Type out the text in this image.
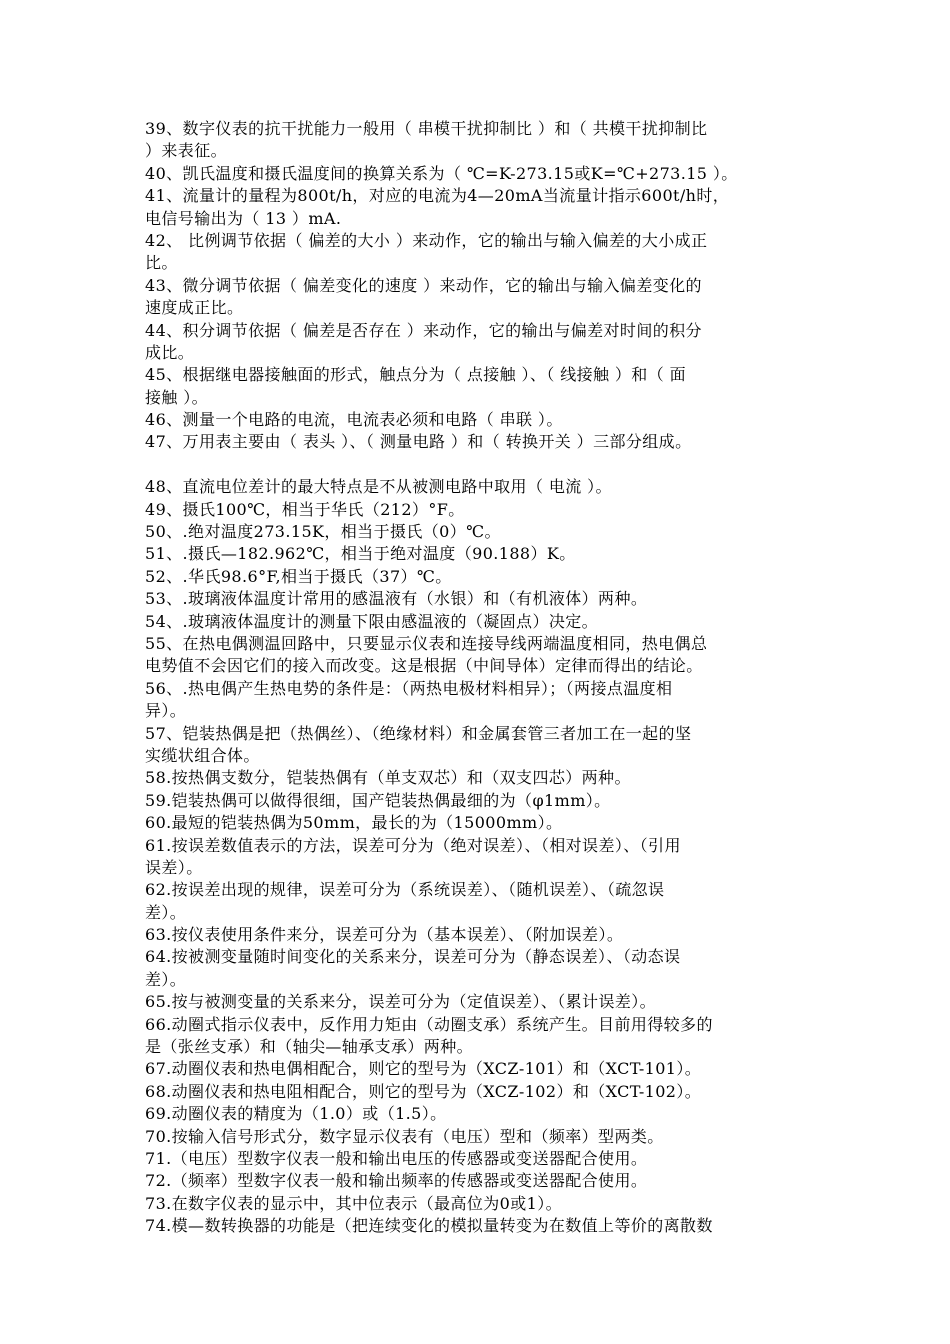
39、数字仪表的抗干扰能力一般用（ 串模干扰抑制比 ）和（ 共模干扰抑制比
）来表征。
40、凯氏温度和摄氏温度间的换算关系为（ ℃=K-273.15或K=℃+273.15 ）。
41、流量计的量程为800t/h，对应的电流为4—20mA当流量计指示600t/h时，
电信号输出为（ 13 ）mA.
42、 比例调节依据（ 偏差的大小 ）来动作，它的输出与输入偏差的大小成正
比。
43、微分调节依据（ 偏差变化的速度 ）来动作，它的输出与输入偏差变化的
速度成正比。
44、积分调节依据（ 偏差是否存在 ）来动作，它的输出与偏差对时间的积分
成比。
45、根据继电器接触面的形式，触点分为（ 点接触 ）、（ 线接触 ）和（ 面
接触 ）。
46、测量一个电路的电流，电流表必须和电路（ 串联 ）。
47、万用表主要由（ 表头 ）、（ 测量电路 ）和（ 转换开关 ）三部分组成。
48、直流电位差计的最大特点是不从被测电路中取用（ 电流 ）。
49、摄氏100℃，相当于华氏（212）°F。
50、.绝对温度273.15K，相当于摄氏（0）℃。
51、.摄氏—182.962℃，相当于绝对温度（90.188）K。
52、.华氏98.6°F,相当于摄氏（37）℃。
53、.玻璃液体温度计常用的感温液有（水银）和（有机液体）两种。
54、.玻璃液体温度计的测量下限由感温液的（凝固点）决定。
55、在热电偶测温回路中，只要显示仪表和连接导线两端温度相同，热电偶总
电势值不会因它们的接入而改变。这是根据（中间导体）定律而得出的结论。
56、.热电偶产生热电势的条件是：（两热电极材料相异）；（两接点温度相
异）。
57、铠装热偶是把（热偶丝）、（绝缘材料）和金属套管三者加工在一起的坚
实缆状组合体。
58.按热偶支数分，铠装热偶有（单支双芯）和（双支四芯）两种。
59.铠装热偶可以做得很细，国产铠装热偶最细的为（φ1mm）。
60.最短的铠装热偶为50mm，最长的为（15000mm）。
61.按误差数值表示的方法，误差可分为（绝对误差）、（相对误差）、（引用
误差）。
62.按误差出现的规律，误差可分为（系统误差）、（随机误差）、（疏忽误
差）。
63.按仪表使用条件来分，误差可分为（基本误差）、（附加误差）。
64.按被测变量随时间变化的关系来分，误差可分为（静态误差）、（动态误
差）。
65.按与被测变量的关系来分，误差可分为（定值误差）、（累计误差）。
66.动圈式指示仪表中，反作用力矩由（动圈支承）系统产生。目前用得较多的
是（张丝支承）和（轴尖—轴承支承）两种。
67.动圈仪表和热电偶相配合，则它的型号为（XCZ-101）和（XCT-101）。
68.动圈仪表和热电阻相配合，则它的型号为（XCZ-102）和（XCT-102）。
69.动圈仪表的精度为（1.0）或（1.5）。
70.按输入信号形式分，数字显示仪表有（电压）型和（频率）型两类。
71.（电压）型数字仪表一般和输出电压的传感器或变送器配合使用。
72.（频率）型数字仪表一般和输出频率的传感器或变送器配合使用。
73.在数字仪表的显示中，其中位表示（最高位为0或1）。
74.模—数转换器的功能是（把连续变化的模拟量转变为在数值上等价的离散数
